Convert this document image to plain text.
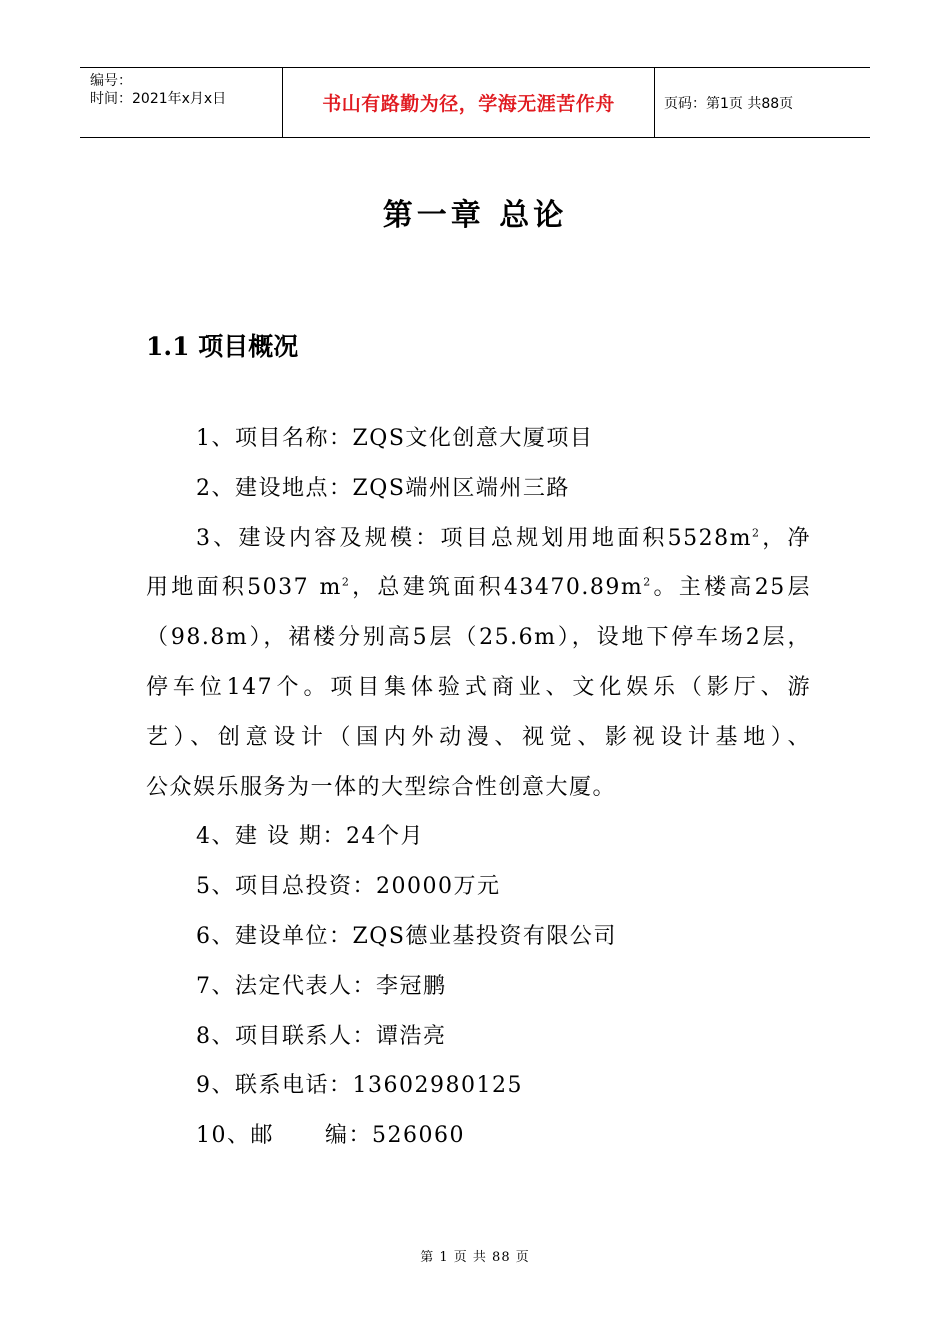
编号：
时间：2021年x月x日	书山有路勤为径，学海无涯苦作舟	页码：第1页 共88页
第一章 总论
1.1 项目概况

1、项目名称：ZQS文化创意大厦项目

2、建设地点：ZQS端州区端州三路

3、建设内容及规模：项目总规划用地面积$5528m^2$，净

用地面积5037 $m^2$，总建筑面积$43470.89m^2$。主楼高25层

（98.8m），裙楼分别高5层（25.6m），设地下停车场2层，

停车位147个。项目集体验式商业、文化娱乐（影厅、游

艺）、创意设计（国内外动漫、视觉、影视设计基地）、

公众娱乐服务为一体的大型综合性创意大厦。

4、建 设 期：24个月

5、项目总投资：20000万元

6、建设单位：ZQS德业基投资有限公司

7、法定代表人：李冠鹏

8、项目联系人：谭浩亮

9、联系电话：13602980125

10、邮      编：526060

第 1 页 共 88 页
